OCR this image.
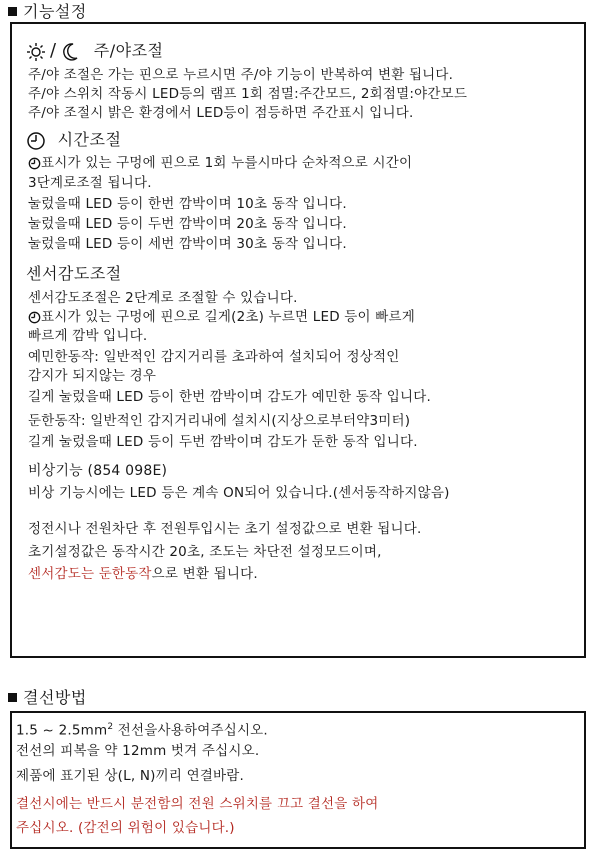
기능설정
/ 주/야조절
주/야 조절은 가는 핀으로 누르시면 주/야 기능이 반복하여 변환 됩니다.
주/야 스위치 작동시 LED등의 램프 1회 점멸:주간모드, 2회점멸:야간모드
주/야 조절시 밝은 환경에서 LED등이 점등하면 주간표시 입니다.
시간조절
표시가 있는 구멍에 핀으로 1회 누를시마다 순차적으로 시간이
3단계로조절 됩니다.
눌렀을때 LED 등이 한번 깜박이며 10초 동작 입니다.
눌렀을때 LED 등이 두번 깜박이며 20초 동작 입니다.
눌렀을때 LED 등이 세번 깜박이며 30초 동작 입니다.
센서감도조절
센서감도조절은 2단계로 조절할 수 있습니다.
표시가 있는 구멍에 핀으로 길게(2초) 누르면 LED 등이 빠르게
빠르게 깜박 입니다.
예민한동작: 일반적인 감지거리를 초과하여 설치되어 정상적인
감지가 되지않는 경우
길게 눌렀을때 LED 등이 한번 깜박이며 감도가 예민한 동작 입니다.
둔한동작: 일반적인 감지거리내에 설치시(지상으로부터약3미터)
길게 눌렀을때 LED 등이 두번 깜박이며 감도가 둔한 동작 입니다.
비상기능 (854 098E)
비상 기능시에는 LED 등은 계속 ON되어 있습니다.(센서동작하지않음)
정전시나 전원차단 후 전원투입시는 초기 설정값으로 변환 됩니다.
초기설정값은 동작시간 20초, 조도는 차단전 설정모드이며,
센서감도는 둔한동작으로 변환 됩니다.
결선방법
1.5 ~ $2.5mm^2$ 전선을사용하여주십시오.
전선의 피복을 약 12mm 벗겨 주십시오.
제품에 표기된 상(L, N)끼리 연결바람.
결선시에는 반드시 분전함의 전원 스위치를 끄고 결선을 하여
주십시오. (감전의 위험이 있습니다.)
